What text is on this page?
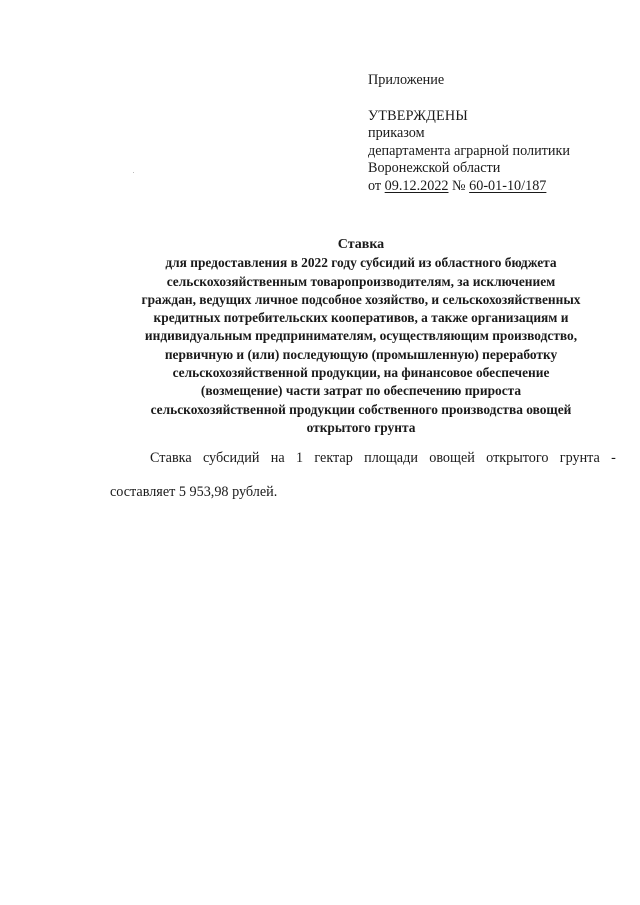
Приложение
УТВЕРЖДЕНЫ
приказом
департамента аграрной политики
Воронежской области
от 09.12.2022 № 60-01-10/187
Ставка
для предоставления в 2022 году субсидий из областного бюджета
сельскохозяйственным товаропроизводителям, за исключением
граждан, ведущих личное подсобное хозяйство, и сельскохозяйственных
кредитных потребительских кооперативов, а также организациям и
индивидуальным предпринимателям, осуществляющим производство,
первичную и (или) последующую (промышленную) переработку
сельскохозяйственной продукции, на финансовое обеспечение
(возмещение) части затрат по обеспечению прироста
сельскохозяйственной продукции собственного производства овощей
открытого грунта
Ставка субсидий на 1 гектар площади овощей открытого грунта -
составляет 5 953,98 рублей.
